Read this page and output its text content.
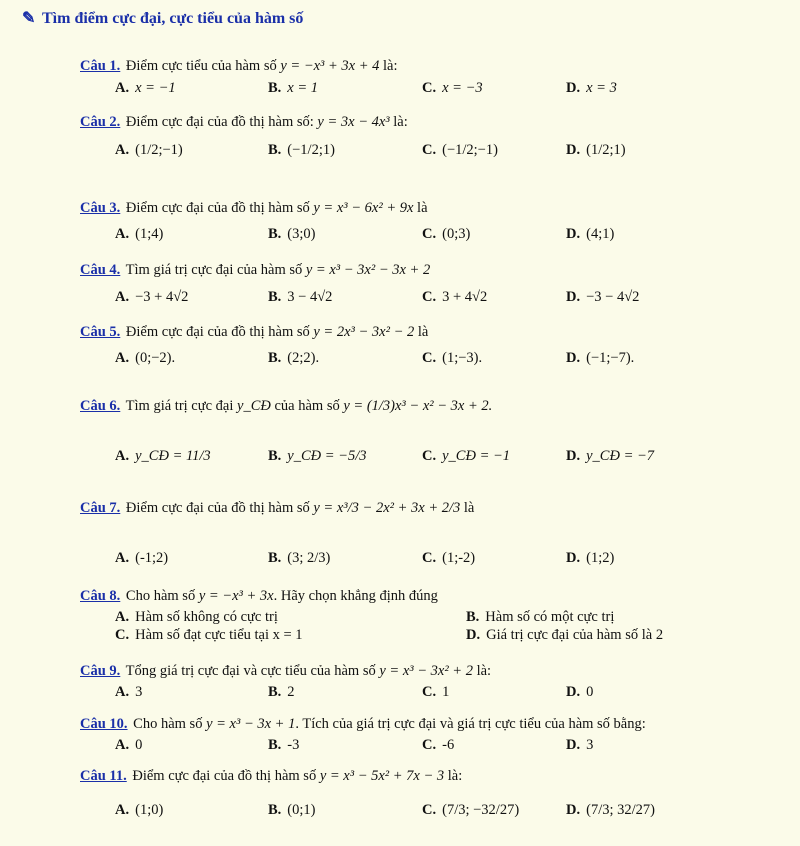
✎ Tìm điểm cực đại, cực tiểu của hàm số
Câu 1. Điểm cực tiểu của hàm số y = −x³ + 3x + 4 là:
A. x = −1	B. x = 1	C. x = −3	D. x = 3
Câu 2. Điểm cực đại của đồ thị hàm số: y = 3x − 4x³ là:
A. (1/2;−1)	B. (−1/2;1)	C. (−1/2;−1)	D. (1/2;1)
Câu 3. Điểm cực đại của đồ thị hàm số y = x³ − 6x² + 9x là
A. (1;4)	B. (3;0)	C. (0;3)	D. (4;1)
Câu 4. Tìm giá trị cực đại của hàm số y = x³ − 3x² − 3x + 2
A. −3 + 4√2	B. 3 − 4√2	C. 3 + 4√2	D. −3 − 4√2
Câu 5. Điểm cực đại của đồ thị hàm số y = 2x³ − 3x² − 2 là
A. (0;−2).	B. (2;2).	C. (1;−3).	D. (−1;−7).
Câu 6. Tìm giá trị cực đại y_CĐ của hàm số y = (1/3)x³ − x² − 3x + 2.
A. y_CĐ = 11/3	B. y_CĐ = −5/3	C. y_CĐ = −1	D. y_CĐ = −7
Câu 7. Điểm cực đại của đồ thị hàm số y = x³/3 − 2x² + 3x + 2/3 là
A. (-1;2)	B. (3; 2/3)	C. (1;-2)	D. (1;2)
Câu 8. Cho hàm số y = −x³ + 3x. Hãy chọn khẳng định đúng
A. Hàm số không có cực trị	B. Hàm số có một cực trị
C. Hàm số đạt cực tiểu tại x = 1	D. Giá trị cực đại của hàm số là 2
Câu 9. Tổng giá trị cực đại và cực tiểu của hàm số y = x³ − 3x² + 2 là:
A. 3	B. 2	C. 1	D. 0
Câu 10. Cho hàm số y = x³ − 3x + 1. Tích của giá trị cực đại và giá trị cực tiểu của hàm số bằng:
A. 0	B. -3	C. -6	D. 3
Câu 11. Điểm cực đại của đồ thị hàm số y = x³ − 5x² + 7x − 3 là:
A. (1;0)	B. (0;1)	C. (7/3; −32/27)	D. (7/3; 32/27)
